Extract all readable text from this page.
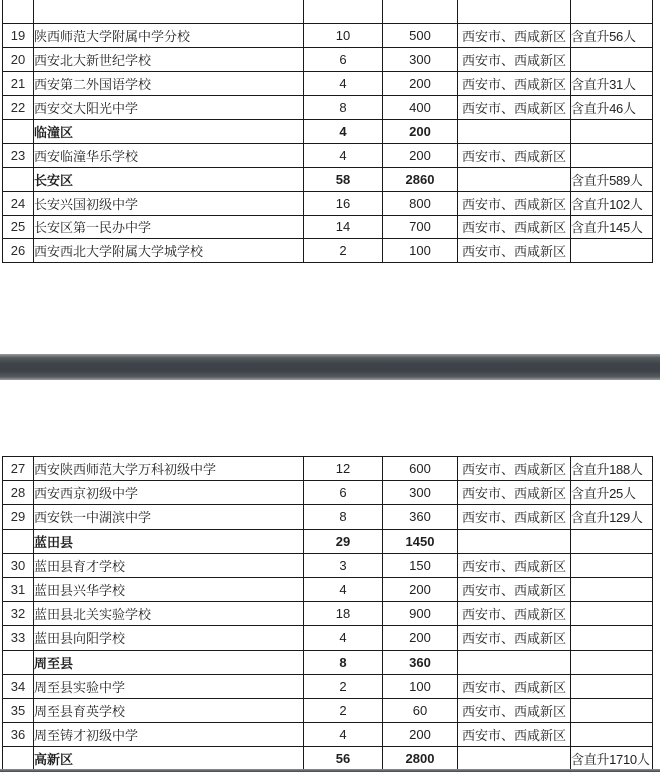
19	陕西师范大学附属中学分校	10	500	西安市、西咸新区	含直升56人
20	西安北大新世纪学校	6	300	西安市、西咸新区	
21	西安第二外国语学校	4	200	西安市、西咸新区	含直升31人
22	西安交大阳光中学	8	400	西安市、西咸新区	含直升46人
	临潼区	4	200		
23	西安临潼华乐学校	4	200	西安市、西咸新区	
	长安区	58	2860		含直升589人
24	长安兴国初级中学	16	800	西安市、西咸新区	含直升102人
25	长安区第一民办中学	14	700	西安市、西咸新区	含直升145人
26	西安西北大学附属大学城学校	2	100	西安市、西咸新区	
27	西安陕西师范大学万科初级中学	12	600	西安市、西咸新区	含直升188人
28	西安西京初级中学	6	300	西安市、西咸新区	含直升25人
29	西安铁一中湖滨中学	8	360	西安市、西咸新区	含直升129人
	蓝田县	29	1450		
30	蓝田县育才学校	3	150	西安市、西咸新区	
31	蓝田县兴华学校	4	200	西安市、西咸新区	
32	蓝田县北关实验学校	18	900	西安市、西咸新区	
33	蓝田县向阳学校	4	200	西安市、西咸新区	
	周至县	8	360		
34	周至县实验中学	2	100	西安市、西咸新区	
35	周至县育英学校	2	60	西安市、西咸新区	
36	周至铸才初级中学	4	200	西安市、西咸新区	
	高新区	56	2800		含直升1710人
